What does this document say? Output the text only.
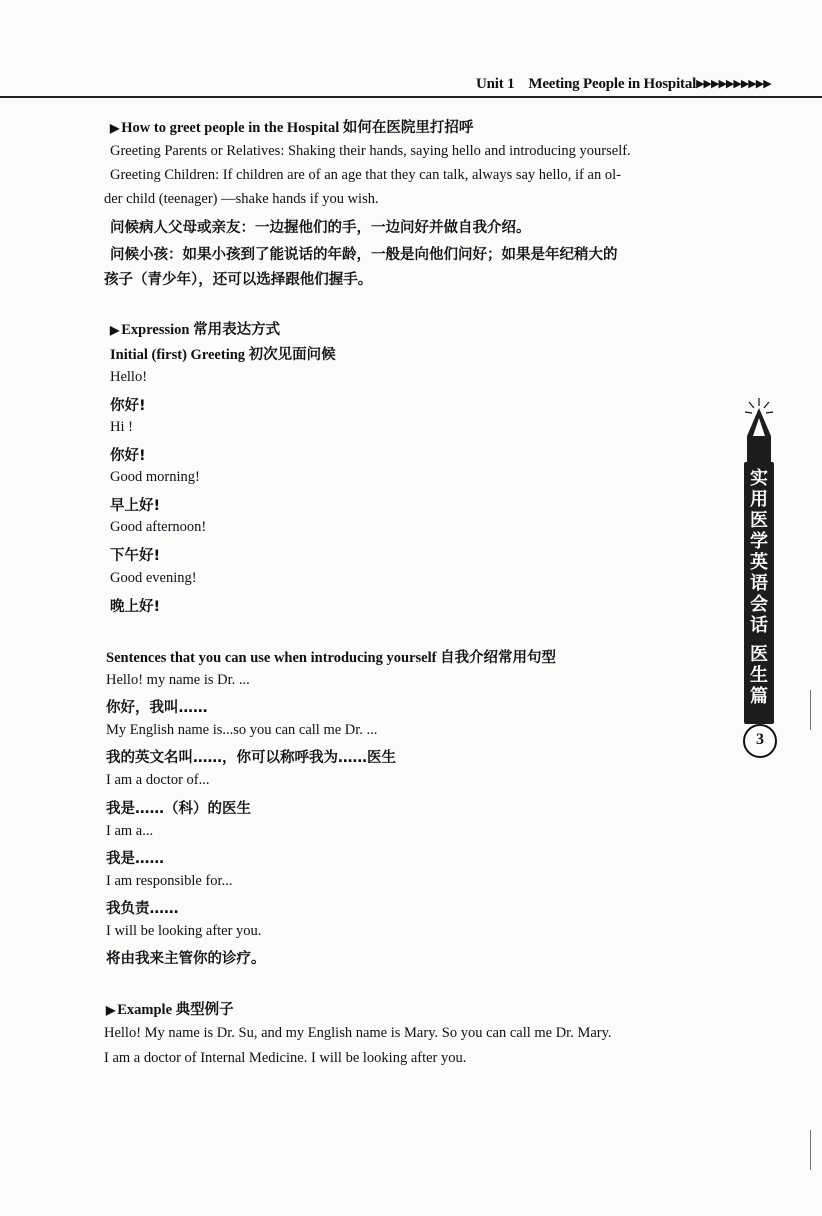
Unit 1 Meeting People in Hospital▶▶▶▶▶▶▶▶▶▶
▶ How to greet people in the Hospital 如何在医院里打招呼
Greeting Parents or Relatives: Shaking their hands, saying hello and introducing yourself.
Greeting Children: If children are of an age that they can talk, always say hello, if an ol-
der child (teenager) —shake hands if you wish.
问候病人父母或亲友：一边握他们的手，一边问好并做自我介绍。
问候小孩：如果小孩到了能说话的年龄，一般是向他们问好；如果是年纪稍大的
孩子（青少年），还可以选择跟他们握手。
▶ Expression 常用表达方式
Initial (first) Greeting 初次见面问候
Hello!
你好!
Hi !
你好!
Good morning!
早上好!
Good afternoon!
下午好!
Good evening!
晚上好!
Sentences that you can use when introducing yourself 自我介绍常用句型
Hello! my name is Dr. ...
你好，我叫……
My English name is...so you can call me Dr. ...
我的英文名叫……，你可以称呼我为……医生
I am a doctor of...
我是……（科）的医生
I am a...
我是……
I am responsible for...
我负责……
I will be looking after you.
将由我来主管你的诊疗。
▶ Example 典型例子
Hello! My name is Dr. Su, and my English name is Mary. So you can call me Dr. Mary.
I am a doctor of Internal Medicine. I will be looking after you.
实用医学英语会话
医生篇
3
